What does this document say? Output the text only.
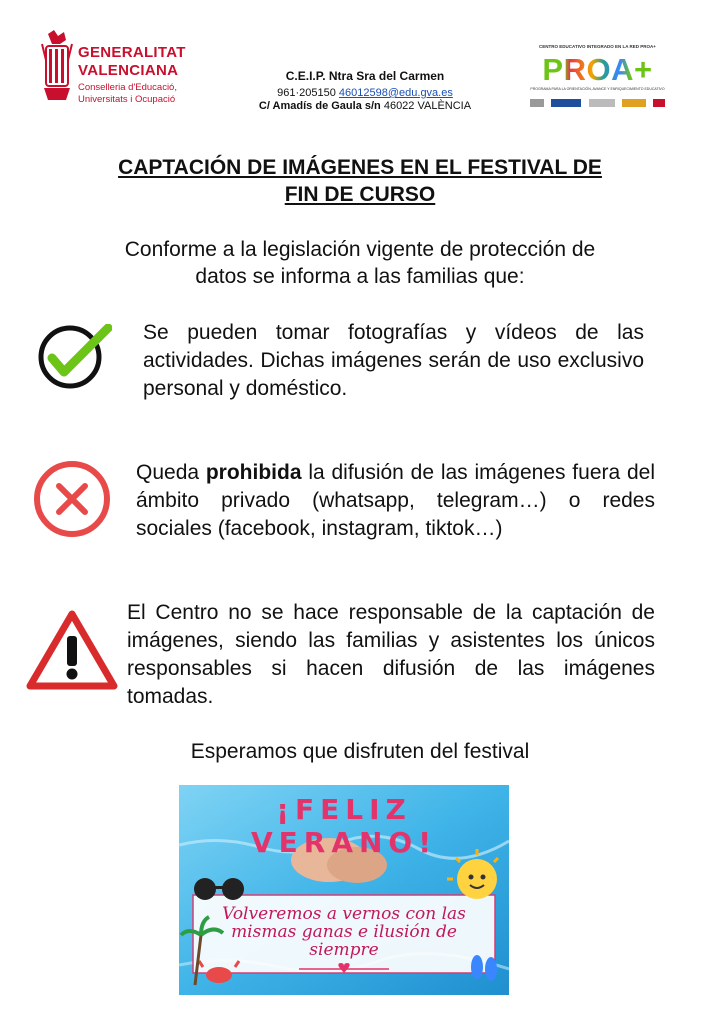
GENERALITAT
VALENCIANA
Conselleria d'Educació,
Universitats i Ocupació
C.E.I.P. Ntra Sra del Carmen
961·205150 46012598@edu.gva.es
C/ Amadís de Gaula s/n 46022 VALÈNCIA
CENTRO EDUCATIVO INTEGRADO EN LA RED PROA+
PROA+
PROGRAMA PARA LA ORIENTACIÓN, AVANCE Y ENRIQUECIMIENTO EDUCATIVO
CAPTACIÓN DE IMÁGENES EN EL FESTIVAL DE
FIN DE CURSO
Conforme a la legislación vigente de protección de
datos se informa a las familias que:
Se pueden tomar fotografías y vídeos de las actividades. Dichas imágenes serán de uso exclusivo personal y doméstico.
Queda prohibida la difusión de las imágenes fuera del ámbito privado (whatsapp, telegram…) o redes sociales (facebook, instagram, tiktok…)
El Centro no se hace responsable de la captación de imágenes, siendo las familias y asistentes los únicos responsables si hacen difusión de las imágenes tomadas.
Esperamos que disfruten del festival
¡FELIZ VERANO!
Volveremos a vernos con las
mismas ganas e ilusión de
siempre
